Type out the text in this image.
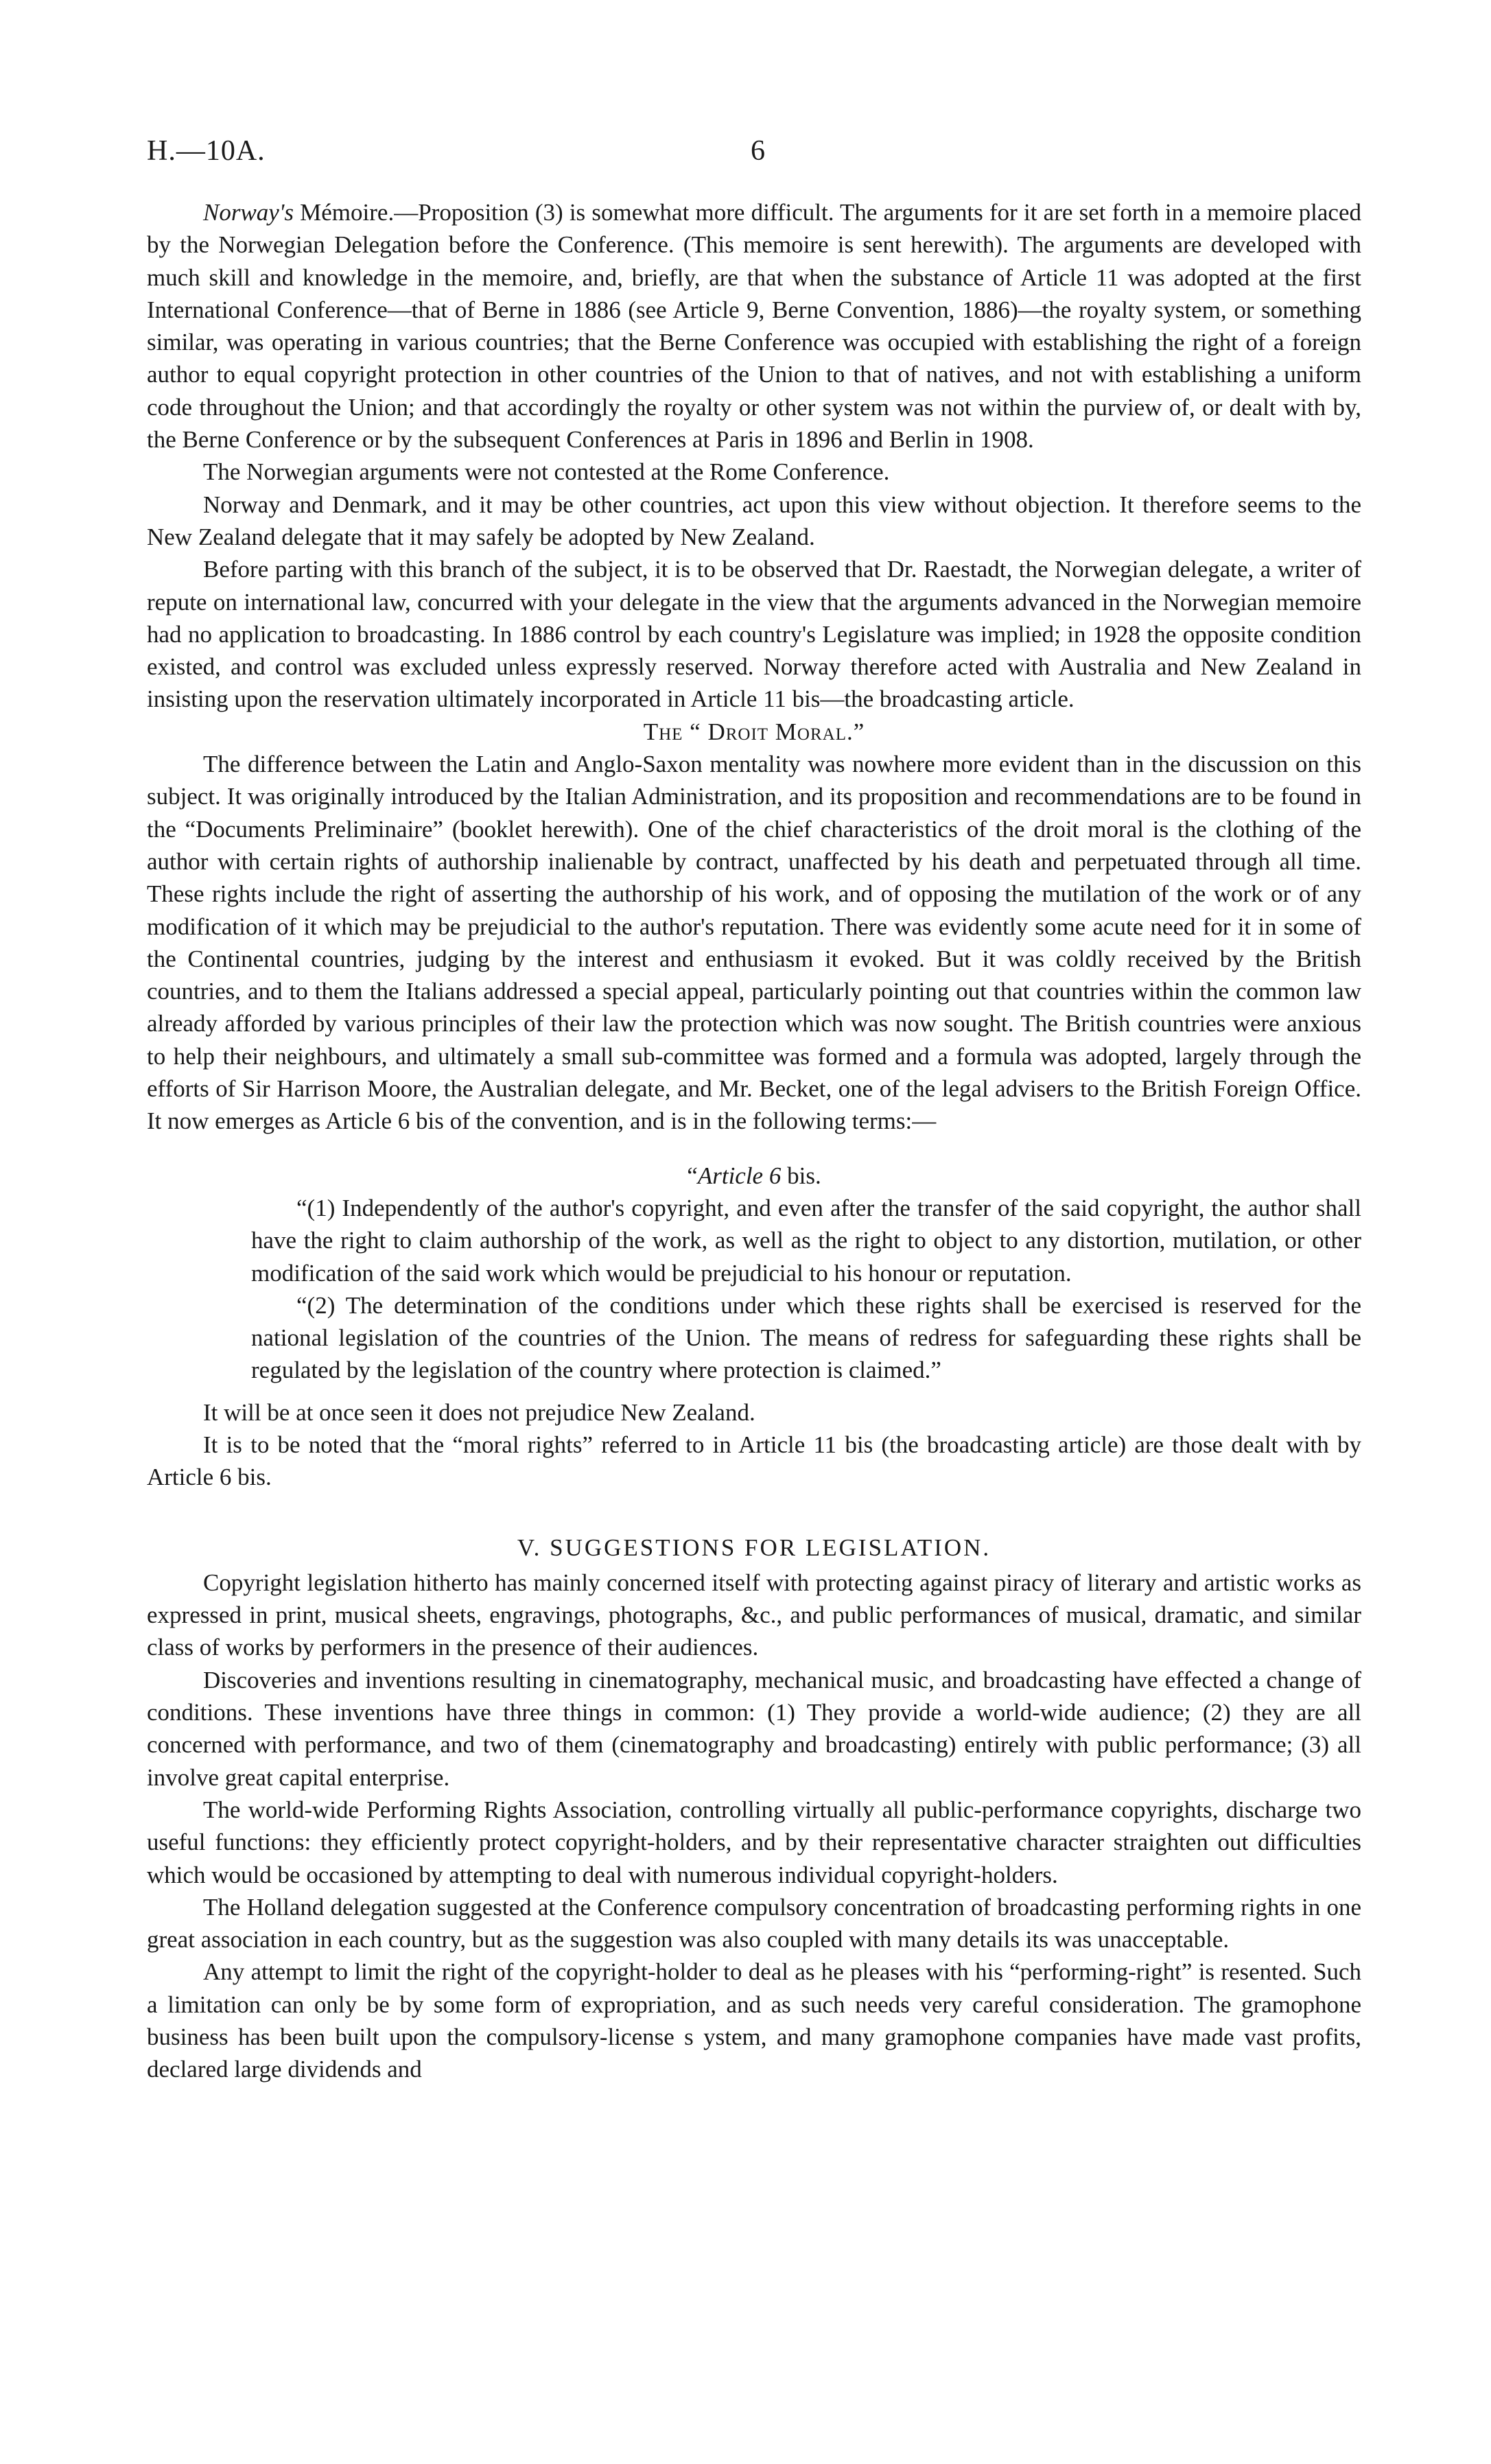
H.—10A.	6

Norway's Mémoire.—Proposition (3) is somewhat more difficult. The arguments for it are set forth in a memoire placed by the Norwegian Delegation before the Conference. (This memoire is sent herewith). The arguments are developed with much skill and knowledge in the memoire, and, briefly, are that when the substance of Article 11 was adopted at the first International Conference—that of Berne in 1886 (see Article 9, Berne Convention, 1886)—the royalty system, or something similar, was operating in various countries; that the Berne Conference was occupied with establishing the right of a foreign author to equal copyright protection in other countries of the Union to that of natives, and not with establishing a uniform code throughout the Union; and that accordingly the royalty or other system was not within the purview of, or dealt with by, the Berne Conference or by the subsequent Conferences at Paris in 1896 and Berlin in 1908.

The Norwegian arguments were not contested at the Rome Conference.

Norway and Denmark, and it may be other countries, act upon this view without objection. It therefore seems to the New Zealand delegate that it may safely be adopted by New Zealand.

Before parting with this branch of the subject, it is to be observed that Dr. Raestadt, the Norwegian delegate, a writer of repute on international law, concurred with your delegate in the view that the arguments advanced in the Norwegian memoire had no application to broadcasting. In 1886 control by each country's Legislature was implied; in 1928 the opposite condition existed, and control was excluded unless expressly reserved. Norway therefore acted with Australia and New Zealand in insisting upon the reservation ultimately incorporated in Article 11 bis—the broadcasting article.

The “ Droit Moral.”

The difference between the Latin and Anglo-Saxon mentality was nowhere more evident than in the discussion on this subject. It was originally introduced by the Italian Administration, and its proposition and recommendations are to be found in the “Documents Preliminaire” (booklet herewith). One of the chief characteristics of the droit moral is the clothing of the author with certain rights of authorship inalienable by contract, unaffected by his death and perpetuated through all time. These rights include the right of asserting the authorship of his work, and of opposing the mutilation of the work or of any modification of it which may be prejudicial to the author's reputation. There was evidently some acute need for it in some of the Continental countries, judging by the interest and enthusiasm it evoked. But it was coldly received by the British countries, and to them the Italians addressed a special appeal, particularly pointing out that countries within the common law already afforded by various principles of their law the protection which was now sought. The British countries were anxious to help their neighbours, and ultimately a small sub-committee was formed and a formula was adopted, largely through the efforts of Sir Harrison Moore, the Australian delegate, and Mr. Becket, one of the legal advisers to the British Foreign Office. It now emerges as Article 6 bis of the convention, and is in the following terms:—

“Article 6 bis.

“(1) Independently of the author's copyright, and even after the transfer of the said copyright, the author shall have the right to claim authorship of the work, as well as the right to object to any distortion, mutilation, or other modification of the said work which would be prejudicial to his honour or reputation.

“(2) The determination of the conditions under which these rights shall be exercised is reserved for the national legislation of the countries of the Union. The means of redress for safeguarding these rights shall be regulated by the legislation of the country where protection is claimed.”

It will be at once seen it does not prejudice New Zealand.

It is to be noted that the “moral rights” referred to in Article 11 bis (the broadcasting article) are those dealt with by Article 6 bis.

V. SUGGESTIONS FOR LEGISLATION.

Copyright legislation hitherto has mainly concerned itself with protecting against piracy of literary and artistic works as expressed in print, musical sheets, engravings, photographs, &c., and public performances of musical, dramatic, and similar class of works by performers in the presence of their audiences.

Discoveries and inventions resulting in cinematography, mechanical music, and broadcasting have effected a change of conditions. These inventions have three things in common: (1) They provide a world-wide audience; (2) they are all concerned with performance, and two of them (cinematography and broadcasting) entirely with public performance; (3) all involve great capital enterprise.

The world-wide Performing Rights Association, controlling virtually all public-performance copyrights, discharge two useful functions: they efficiently protect copyright-holders, and by their representative character straighten out difficulties which would be occasioned by attempting to deal with numerous individual copyright-holders.

The Holland delegation suggested at the Conference compulsory concentration of broadcasting performing rights in one great association in each country, but as the suggestion was also coupled with many details its was unacceptable.

Any attempt to limit the right of the copyright-holder to deal as he pleases with his “performing-right” is resented. Such a limitation can only be by some form of expropriation, and as such needs very careful consideration. The gramophone business has been built upon the compulsory-license s ystem, and many gramophone companies have made vast profits, declared large dividends and
